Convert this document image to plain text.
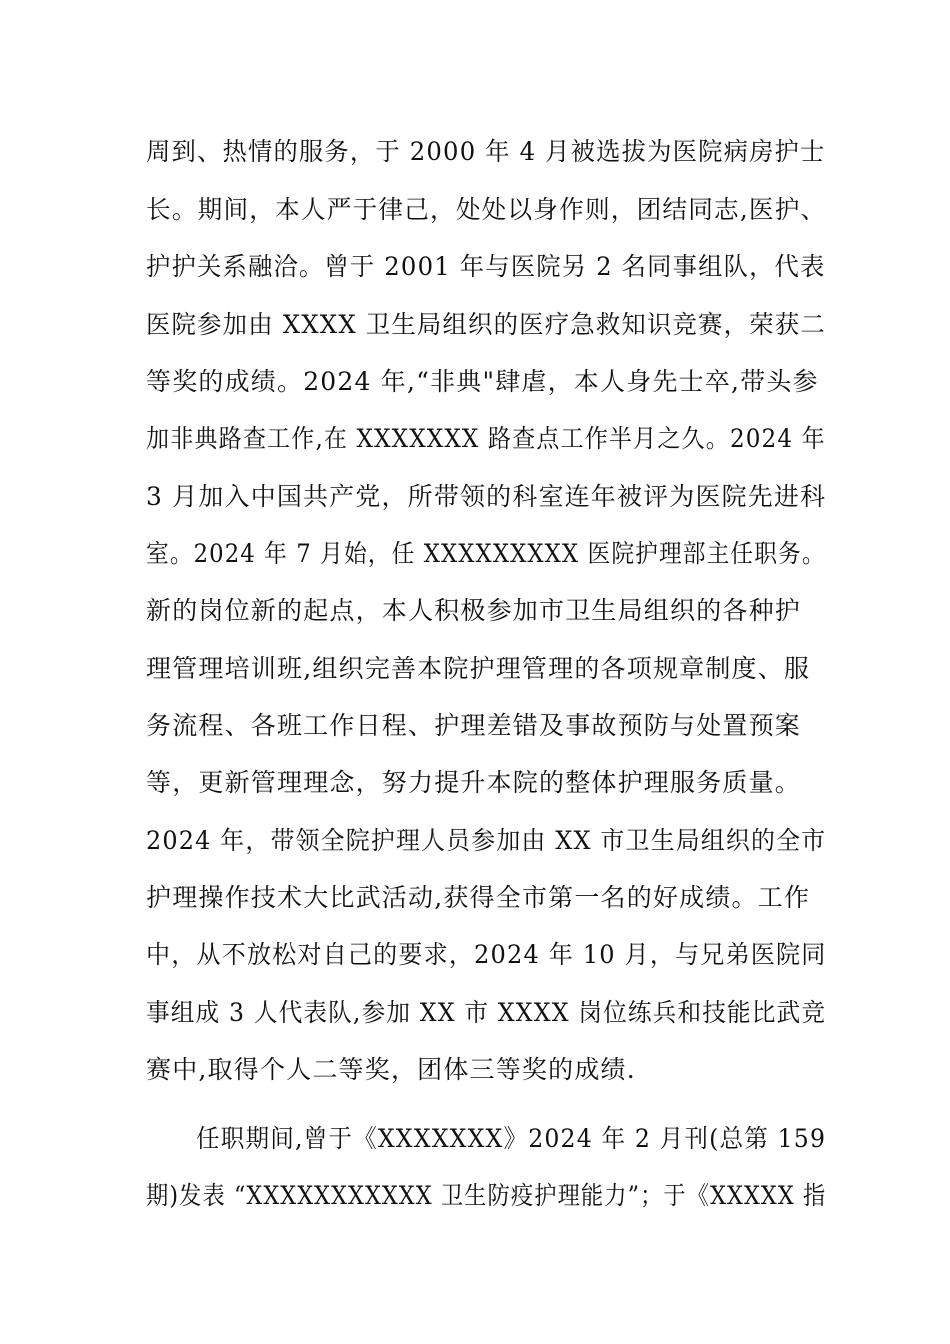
周到、热情的服务，于 2000 年 4 月被选拔为医院病房护士
长。期间，本人严于律己，处处以身作则，团结同志,医护、
护护关系融洽。曾于 2001 年与医院另 2 名同事组队，代表
医院参加由 XXXX 卫生局组织的医疗急救知识竞赛，荣获二
等奖的成绩。2024 年,“非典"肆虐，本人身先士卒,带头参
加非典路查工作,在 XXXXXXX 路查点工作半月之久。2024 年
3 月加入中国共产党，所带领的科室连年被评为医院先进科
室。2024 年 7 月始，任 XXXXXXXXX 医院护理部主任职务。
新的岗位新的起点，本人积极参加市卫生局组织的各种护
理管理培训班,组织完善本院护理管理的各项规章制度、服
务流程、各班工作日程、护理差错及事故预防与处置预案
等，更新管理理念，努力提升本院的整体护理服务质量。
2024 年，带领全院护理人员参加由 XX 市卫生局组织的全市
护理操作技术大比武活动,获得全市第一名的好成绩。工作
中，从不放松对自己的要求，2024 年 10 月，与兄弟医院同
事组成 3 人代表队,参加 XX 市 XXXX 岗位练兵和技能比武竞
赛中,取得个人二等奖，团体三等奖的成绩.
任职期间,曾于《XXXXXXX》2024 年 2 月刊(总第 159
期)发表 “XXXXXXXXXXX 卫生防疫护理能力”；于《XXXXX 指
